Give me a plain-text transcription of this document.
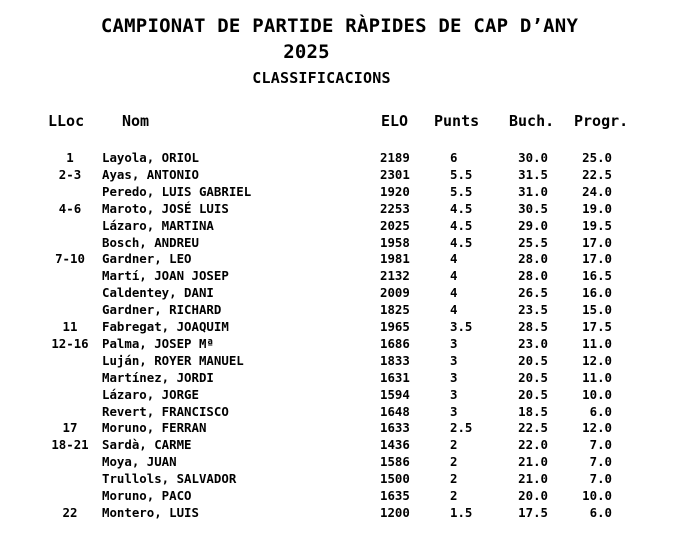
CAMPIONAT DE PARTIDE RÀPIDES DE CAP D’ANY
2025
CLASSIFICACIONS
LLoc	Nom	ELO Punts Buch. Progr.
1	Layola, ORIOL	2189	6	30.0	25.0
2-3	Ayas, ANTONIO	2301	5.5	31.5	22.5
Peredo, LUIS GABRIEL	1920	5.5	31.0	24.0
4-6	Maroto, JOSÉ LUIS	2253	4.5	30.5	19.0
Lázaro, MARTINA	2025	4.5	29.0	19.5
Bosch, ANDREU	1958	4.5	25.5	17.0
7-10	Gardner, LEO	1981	4	28.0	17.0
Martí, JOAN JOSEP	2132	4	28.0	16.5
Caldentey, DANI	2009	4	26.5	16.0
Gardner, RICHARD	1825	4	23.5	15.0
11	Fabregat, JOAQUIM	1965	3.5	28.5	17.5
12-16	Palma, JOSEP Mª	1686	3	23.0	11.0
Luján, ROYER MANUEL	1833	3	20.5	12.0
Martínez, JORDI	1631	3	20.5	11.0
Lázaro, JORGE	1594	3	20.5	10.0
Revert, FRANCISCO	1648	3	18.5	6.0
17	Moruno, FERRAN	1633	2.5	22.5	12.0
18-21	Sardà, CARME	1436	2	22.0	7.0
Moya, JUAN	1586	2	21.0	7.0
Trullols, SALVADOR	1500	2	21.0	7.0
Moruno, PACO	1635	2	20.0	10.0
22	Montero, LUIS	1200	1.5	17.5	6.0
